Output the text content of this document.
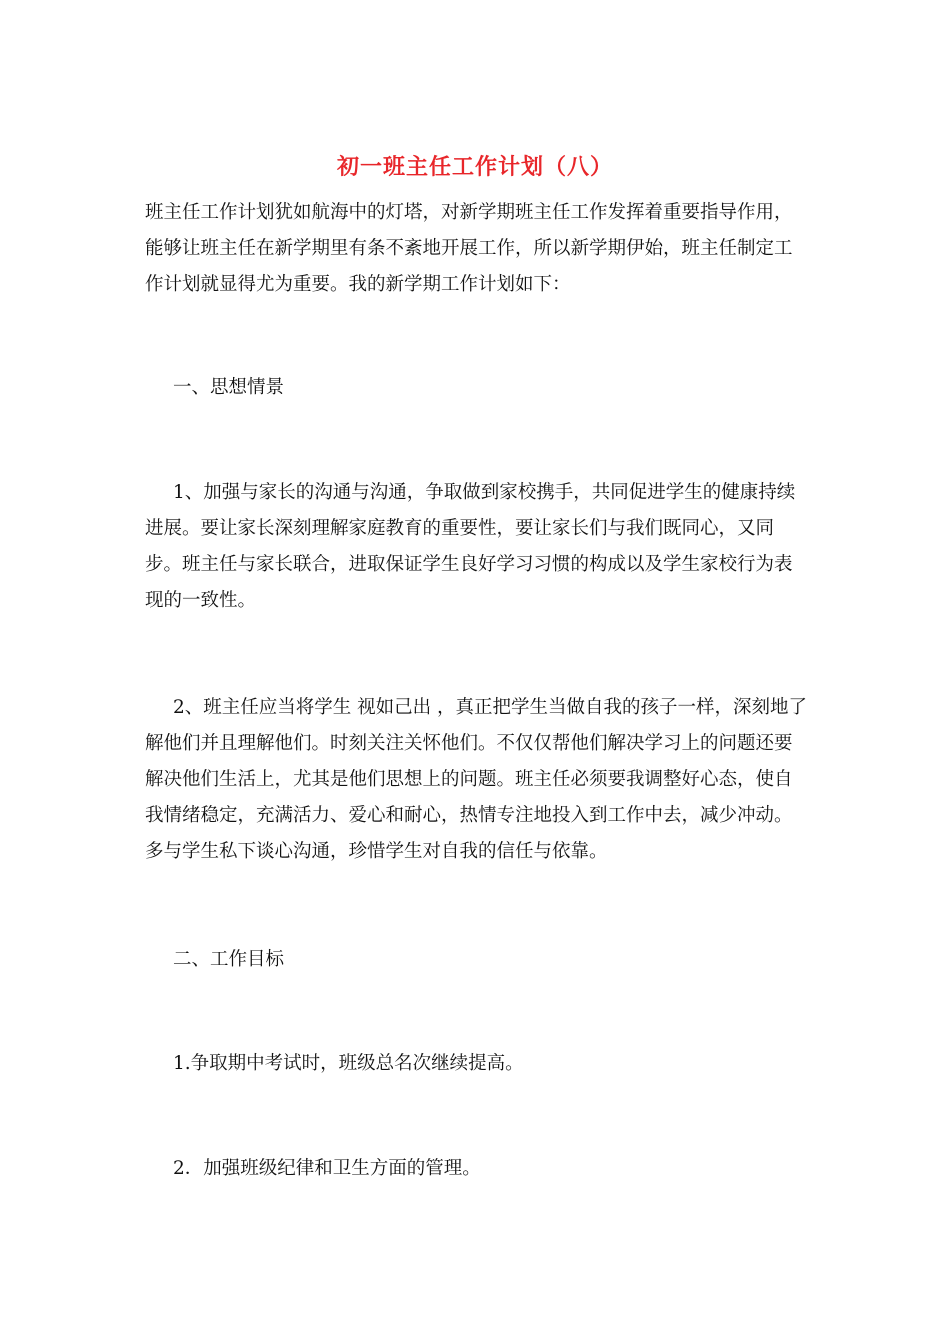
初一班主任工作计划（八）

班主任工作计划犹如航海中的灯塔，对新学期班主任工作发挥着重要指导作用，能够让班主任在新学期里有条不紊地开展工作，所以新学期伊始，班主任制定工作计划就显得尤为重要。我的新学期工作计划如下：

一、思想情景

1、加强与家长的沟通与沟通，争取做到家校携手，共同促进学生的健康持续进展。要让家长深刻理解家庭教育的重要性，要让家长们与我们既同心，又同步。班主任与家长联合，进取保证学生良好学习习惯的构成以及学生家校行为表现的一致性。

2、班主任应当将学生 视如己出 ，真正把学生当做自我的孩子一样，深刻地了解他们并且理解他们。时刻关注关怀他们。不仅仅帮他们解决学习上的问题还要解决他们生活上，尤其是他们思想上的问题。班主任必须要我调整好心态，使自我情绪稳定，充满活力、爱心和耐心，热情专注地投入到工作中去，减少冲动。多与学生私下谈心沟通，珍惜学生对自我的信任与依靠。

二、工作目标

1.争取期中考试时，班级总名次继续提高。

2．加强班级纪律和卫生方面的管理。
